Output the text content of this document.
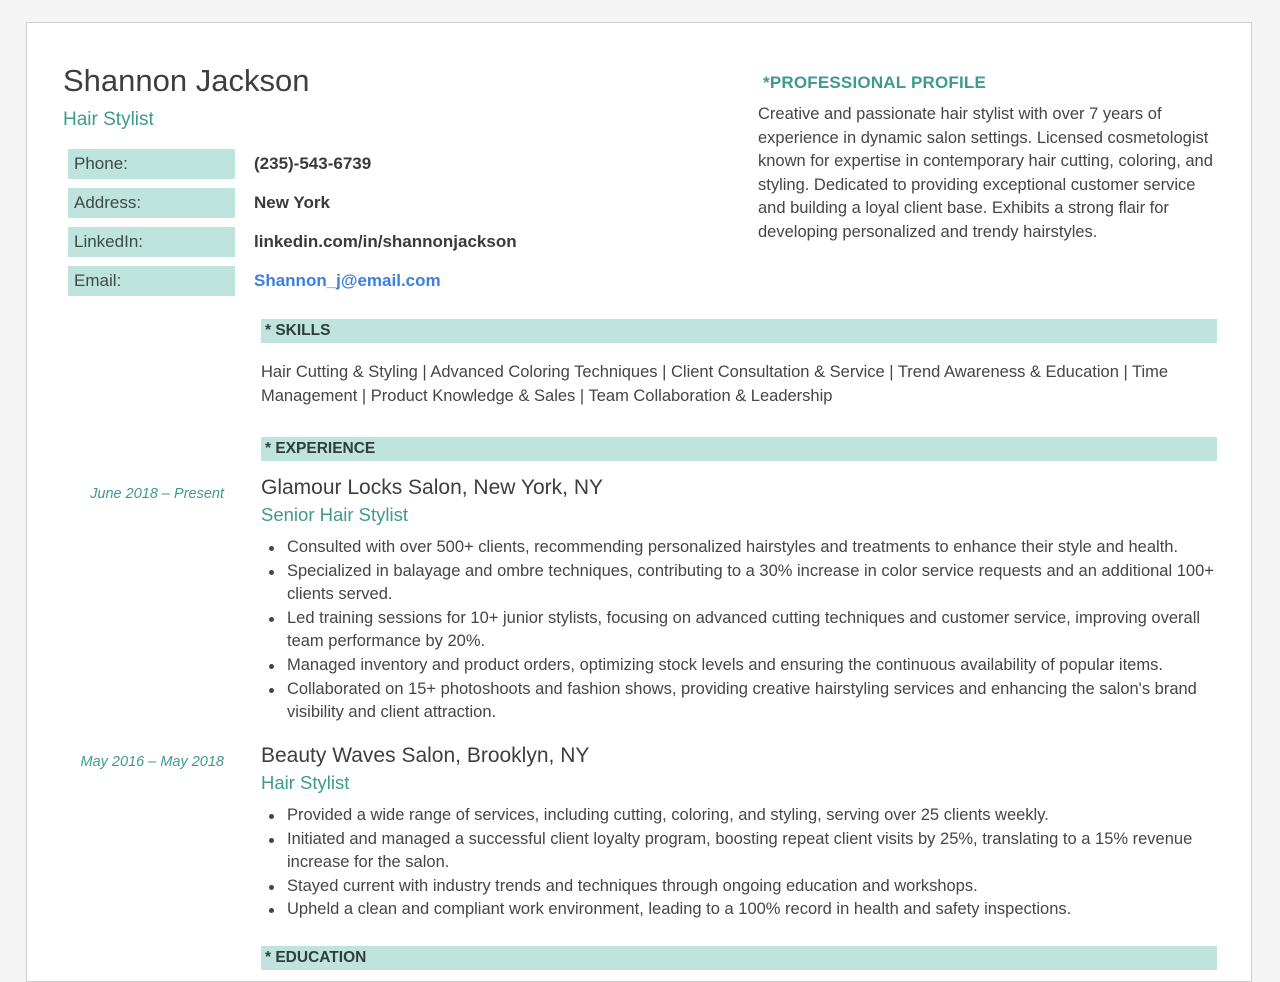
Shannon Jackson
Hair Stylist
Phone:	(235)-543-6739
Address:	New York
LinkedIn:	linkedin.com/in/shannonjackson
Email:	Shannon_j@email.com
*PROFESSIONAL PROFILE
Creative and passionate hair stylist with over 7 years of experience in dynamic salon settings. Licensed cosmetologist known for expertise in contemporary hair cutting, coloring, and styling. Dedicated to providing exceptional customer service and building a loyal client base. Exhibits a strong flair for developing personalized and trendy hairstyles.
* SKILLS
Hair Cutting & Styling | Advanced Coloring Techniques | Client Consultation & Service | Trend Awareness & Education | Time Management | Product Knowledge & Sales | Team Collaboration & Leadership
* EXPERIENCE
June 2018 – Present Glamour Locks Salon, New York, NY
Senior Hair Stylist
Consulted with over 500+ clients, recommending personalized hairstyles and treatments to enhance their style and health.
Specialized in balayage and ombre techniques, contributing to a 30% increase in color service requests and an additional 100+ clients served.
Led training sessions for 10+ junior stylists, focusing on advanced cutting techniques and customer service, improving overall team performance by 20%.
Managed inventory and product orders, optimizing stock levels and ensuring the continuous availability of popular items.
Collaborated on 15+ photoshoots and fashion shows, providing creative hairstyling services and enhancing the salon's brand visibility and client attraction.
May 2016 – May 2018 Beauty Waves Salon, Brooklyn, NY
Hair Stylist
Provided a wide range of services, including cutting, coloring, and styling, serving over 25 clients weekly.
Initiated and managed a successful client loyalty program, boosting repeat client visits by 25%, translating to a 15% revenue increase for the salon.
Stayed current with industry trends and techniques through ongoing education and workshops.
Upheld a clean and compliant work environment, leading to a 100% record in health and safety inspections.
* EDUCATION
